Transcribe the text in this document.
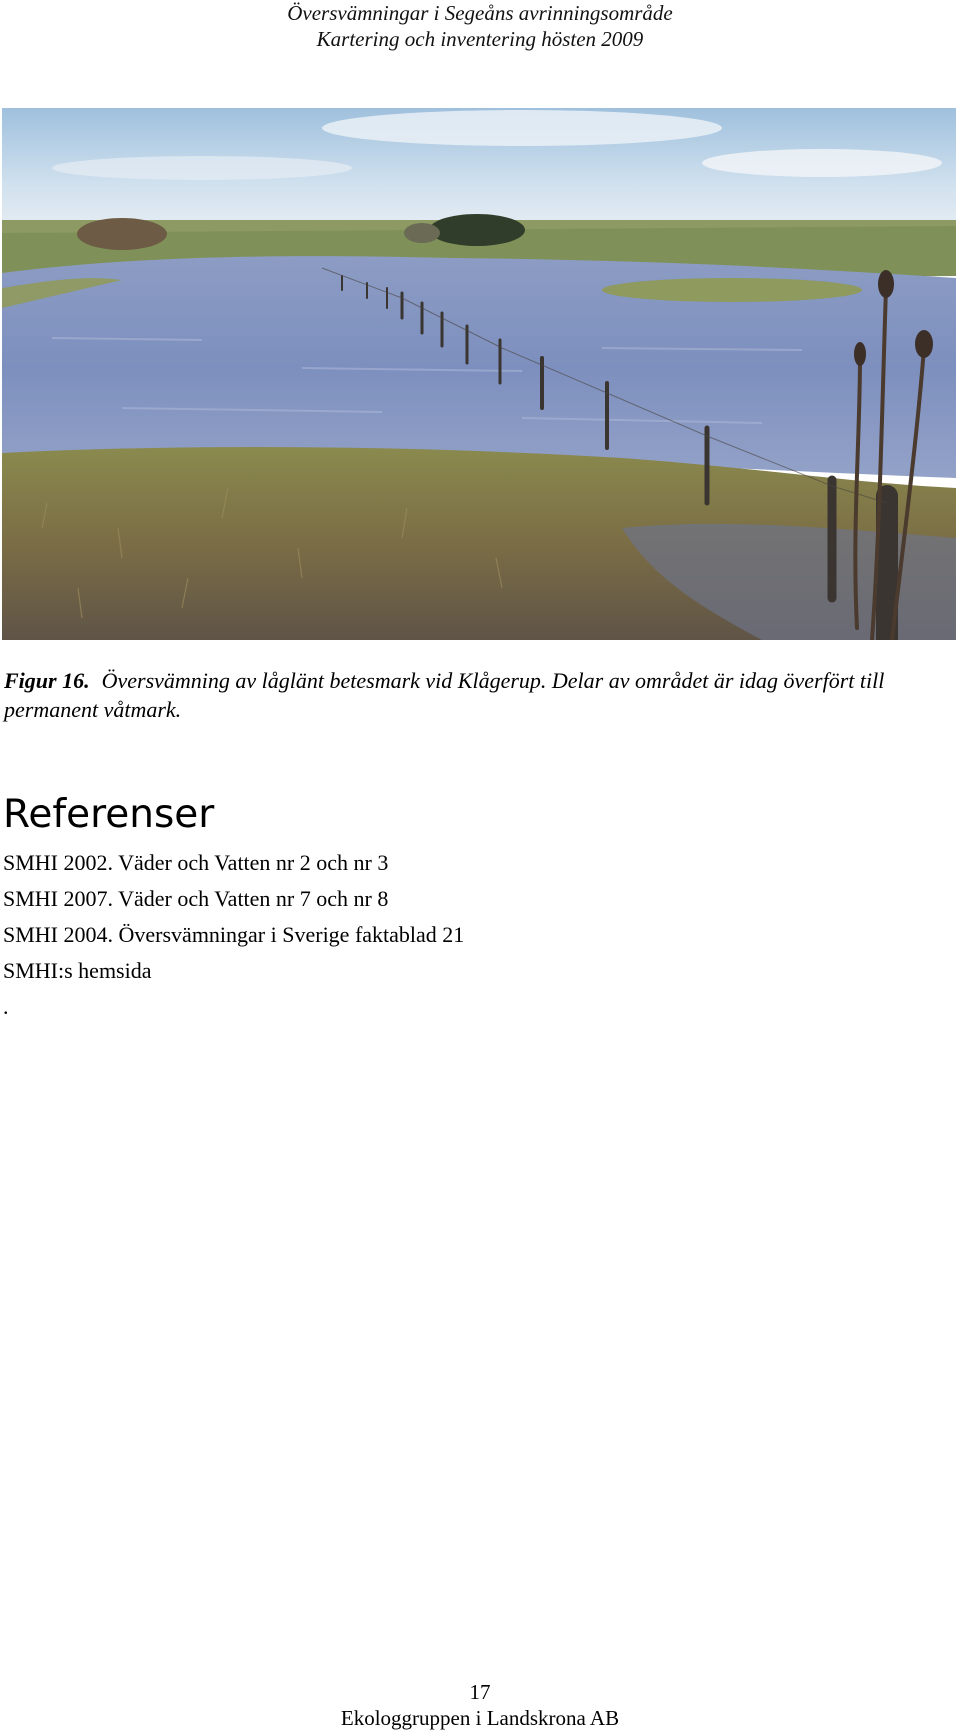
Översvämningar i Segeåns avrinningsområde
Kartering och inventering hösten 2009
Figur 16. Översvämning av låglänt betesmark vid Klågerup. Delar av området är idag överfört till permanent våtmark.
Referenser
SMHI 2002. Väder och Vatten nr 2 och nr 3
SMHI 2007. Väder och Vatten nr 7 och nr 8
SMHI 2004. Översvämningar i Sverige faktablad 21
SMHI:s hemsida
.
17
Ekologgruppen i Landskrona AB
